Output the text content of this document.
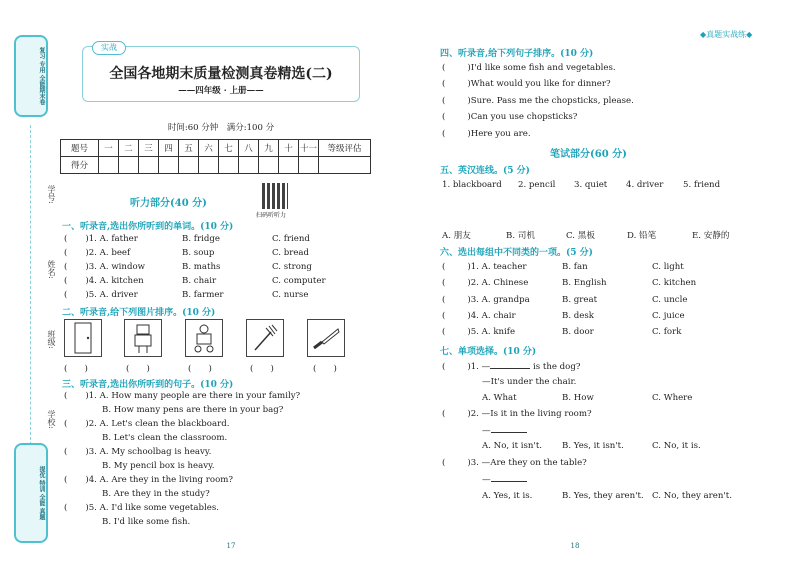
复习 专用 全能期末卷
学号:
姓名:
班级:
学校:
提优 特训 全能 真题
实战
全国各地期末质量检测真卷精选(二)
——四年级 · 上册——
时间:60 分钟　满分:100 分
◆真题实战练◆
题号	一	二	三	四	五	六	七	八	九	十	十一	等级评估
得分												
扫码听听力
听力部分(40 分)
一、听录音,选出你所听到的单词。(10 分)
( )1. A. father	B. fridge	C. friend
( )2. A. beef	B. soup	C. bread
( )3. A. window	B. maths	C. strong
( )4. A. kitchen	B. chair	C. computer
( )5. A. driver	B. farmer	C. nurse
二、听录音,给下列图片排序。(10 分)
(　　)	(　　)	(　　)	(　　)	(　　)
三、听录音,选出你所听到的句子。(10 分)
( )1. A. How many people are there in your family?
B. How many pens are there in your bag?
( )2. A. Let's clean the blackboard.
B. Let's clean the classroom.
( )3. A. My schoolbag is heavy.
B. My pencil box is heavy.
( )4. A. Are they in the living room?
B. Are they in the study?
( )5. A. I'd like some vegetables.
B. I'd like some fish.
17	18
四、听录音,给下列句子排序。(10 分)
(	)I'd like some fish and vegetables.
(	)What would you like for dinner?
(	)Sure. Pass me the chopsticks, please.
(	)Can you use chopsticks?
(	)Here you are.
笔试部分(60 分)
五、英汉连线。(5 分)
1. blackboard 2. pencil 3. quiet 4. driver 5. friend
A. 朋友	B. 司机	C. 黑板	D. 铅笔	E. 安静的
六、选出每组中不同类的一项。(5 分)
(	)1. A. teacher	B. fan	C. light
(	)2. A. Chinese	B. English	C. kitchen
(	)3. A. grandpa	B. great	C. uncle
(	)4. A. chair	B. desk	C. juice
(	)5. A. knife	B. door	C. fork
七、单项选择。(10 分)
(	)1. —	is the dog?
—It's under the chair.
A. What	B. How	C. Where
(	)2. —Is it in the living room?
—
A. No, it isn't. B. Yes, it isn't.	C. No, it is.
(	)3. —Are they on the table?
—
A. Yes, it is.	B. Yes, they aren't. C. No, they aren't.
